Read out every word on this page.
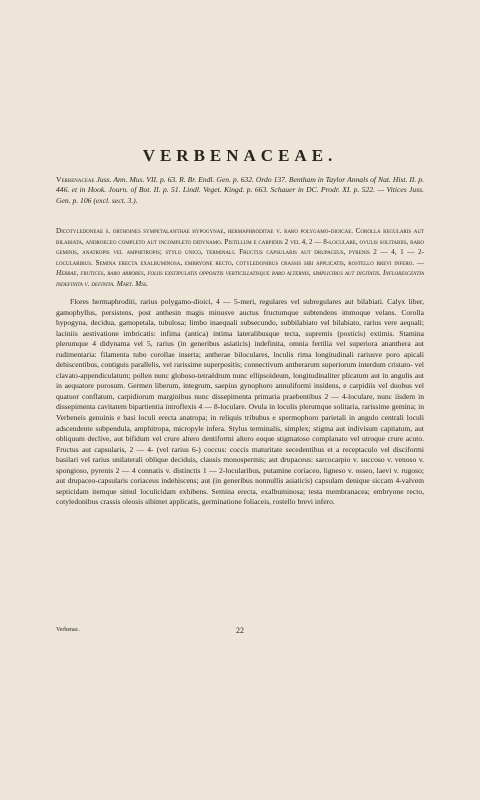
VERBENACEAE.
Verbenaceae Juss. Ann. Mus. VII. p. 63. R. Br. Endl. Gen. p. 632. Ordo 137. Bentham in Taylor Annals of Nat. Hist. II. p. 446. et in Hook. Journ. of Bot. II. p. 51. Lindl. Veget. Kingd. p. 663. Schauer in DC. Prodr. XI. p. 522. — Vitices Juss. Gen. p. 106 (excl. sect. 3.).
Dicotyledoneae s. orthoines sympetalanthae hypogynae, hermaphroditae v. raro polygamo-dioicae. Corolla regularis aut bilabiata, androeceo completo aut incompleto didynamo. Pistillum e carpidiis 2 vel 4, 2 — 8-loculare, ovulis solitariis, raro geminis, anatropis vel amphitropis; stylo unico, terminali. Fructus capsularis aut drupaceus, pyrenis 2 — 4, 1 — 2-locularibus. Semina erecta exalbuminosa, embryone recto, cotyledonibus crassis sibi applicatis, rostello brevi infero. — Herbae, frutices, raro arbores, foliis exstipulatis oppositis verticillatisque raro alternis, simplicibus aut digitatis. Inflorescentia indefinita v. definita. Mart. Mss.
Flores hermaphroditi, rarius polygamo-dioici, 4 — 5-meri, regulares vel subregulares aut bilabiati. Calyx liber, gamophyllus, persistens, post anthesin magis minusve auctus fructumque subtendens immoque velans. Corolla hypogyna, decidua, gamopetala, tubulosa; limbo inaequali subsecundo, subbilabiato vel bilabiato, rarius vere aequali; laciniis aestivatione imbricatis: infima (antica) intima lateralibusque tecta, supremis (posticis) extimis. Stamina plerumque 4 didynama vel 5, rarius (in generibus asiaticis) indefinita, omnia fertilia vel superiora ananthera aut rudimentaria: filamenta tubo corollae inserta; antherae biloculares, loculis rima longitudinali rariusve poro apicali dehiscentibus, contiguis parallelis, vel rarissime superpositis; connectivum antherarum superiorum interdum cristato- vel clavato-appendiculatum; pollen nunc globoso-tetraëdrum nunc ellipsoideum, longitudinaliter plicatum aut in angulis aut in aequatore porosum. Germen liberum, integrum, saepius gynophoro annuliformi insidens, e carpidiis vel duobus vel quatuor conflatum, carpidiorum marginibus nunc dissepimenta primaria praebentibus 2 — 4-loculare, nunc iisdem in dissepimenta cavitatem bipartientia introflexis 4 — 8-loculare. Ovula in loculis plerumque solitaria, rarissime gemina; in Verbeneis genuinis e basi loculi erecta anatropa; in reliquis tribubus e spermophoro parietali in angulo centrali loculi adscendente subpendula, amphitropa, micropyle infera. Stylus terminalis, simplex; stigma aut indivisum capitatum, aut obliquum declive, aut bifidum vel crure altero dentiformi altero eoque stigmatoso complanato vel utroque crure acuto. Fructus aut capsularis, 2 — 4- (vel rarius 6-) coccus: coccis maturitate secedentibus et a receptaculo vel disciformi basilari vel rarius unilaterali oblique deciduis, clausis monospermis; aut drupaceus: sarcocarpio v. succoso v. venoso v. spongioso, pyrenis 2 — 4 connatis v. distinctis 1 — 2-locularibus, putamine coriaceo, ligneso v. osseo, laevi v. rugoso; aut drupaceo-capsularis coriaceus indehiscens; aut (in generibus nonnullis asiaticis) capsulam denique siccam 4-valvem septicidam itemque simul loculicidam exhibens. Semina erecta, exalbuminosa; testa membranacea; embryone recto, cotyledonibus crassis oleosis sibimet applicatis, germinatione foliaceis, rostello brevi infero.
Verbenac.	22
